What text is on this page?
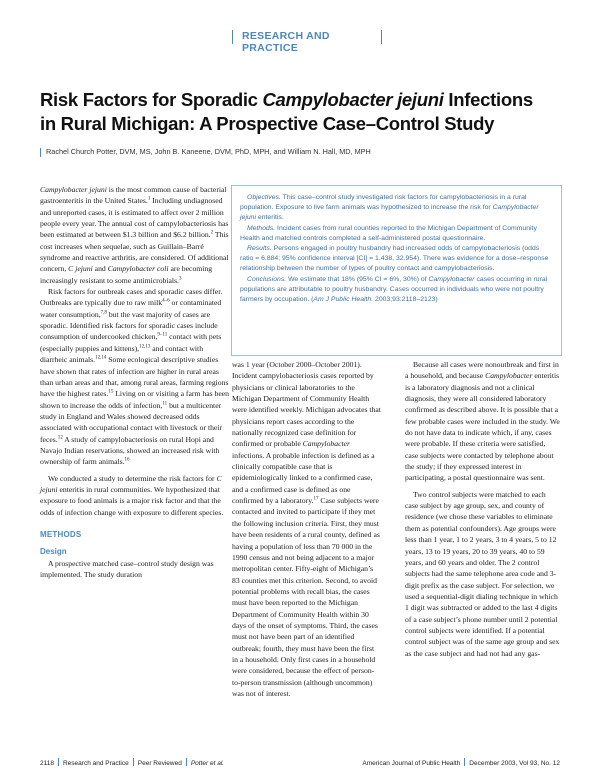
RESEARCH AND PRACTICE
Risk Factors for Sporadic Campylobacter jejuni Infections
in Rural Michigan: A Prospective Case–Control Study
Rachel Church Potter, DVM, MS, John B. Kaneene, DVM, PhD, MPH, and William N. Hall, MD, MPH

Campylobacter jejuni is the most common cause of bacterial gastroenteritis in the United States.$^1$ Including undiagnosed and unreported cases, it is estimated to affect over 2 million people every year. The annual cost of campylobacteriosis has been estimated at between $1.3 billion and $6.2 billion.$^2$ This cost increases when sequelae, such as Guillain–Barré syndrome and reactive arthritis, are considered. Of additional concern, C jejuni and Campylobacter coli are becoming increasingly resistant to some antimicrobials.$^3$

Risk factors for outbreak cases and sporadic cases differ. Outbreaks are typically due to raw milk$^{4-6}$ or contaminated water consumption,$^{7,8}$ but the vast majority of cases are sporadic. Identified risk factors for sporadic cases include consumption of undercooked chicken,$^{9-11}$ contact with pets (especially puppies and kittens),$^{12,13}$ and contact with diarrheic animals.$^{12,14}$ Some ecological descriptive studies have shown that rates of infection are higher in rural areas than urban areas and that, among rural areas, farming regions have the highest rates.$^{15}$ Living on or visiting a farm has been shown to increase the odds of infection,$^{11}$ but a multicenter study in England and Wales showed decreased odds associated with occupational contact with livestock or their feces.$^{12}$ A study of campylobacteriosis on rural Hopi and Navajo Indian reservations, showed an increased risk with ownership of farm animals.$^{16}$

We conducted a study to determine the risk factors for C jejuni enteritis in rural communities. We hypothesized that exposure to food animals is a major risk factor and that the odds of infection change with exposure to different species.

METHODS
Design

A prospective matched case–control study design was implemented. The study duration

Objectives. This case–control study investigated risk factors for campylobacteriosis in a rural population. Exposure to live farm animals was hypothesized to increase the risk for Campylobacter jejuni enteritis.

Methods. Incident cases from rural counties reported to the Michigan Department of Community Health and matched controls completed a self-administered postal questionnaire.

Results. Persons engaged in poultry husbandry had increased odds of campylobacteriosis (odds ratio = 6.884; 95% confidence interval [CI] = 1.438, 32.954). There was evidence for a dose–response relationship between the number of types of poultry contact and campylobacteriosis.

Conclusions. We estimate that 18% (95% CI = 6%, 30%) of Campylobacter cases occurring in rural populations are attributable to poultry husbandry. Cases occurred in individuals who were not poultry farmers by occupation. (Am J Public Health. 2003;93:2118–2123)

was 1 year (October 2000–October 2001). Incident campylobacteriosis cases reported by physicians or clinical laboratories to the Michigan Department of Community Health were identified weekly. Michigan advocates that physicians report cases according to the nationally recognized case definition for confirmed or probable Campylobacter infections. A probable infection is defined as a clinically compatible case that is epidemiologically linked to a confirmed case, and a confirmed case is defined as one confirmed by a laboratory.$^{17}$ Case subjects were contacted and invited to participate if they met the following inclusion criteria. First, they must have been residents of a rural county, defined as having a population of less than 70 000 in the 1990 census and not being adjacent to a major metropolitan center. Fifty-eight of Michigan’s 83 counties met this criterion. Second, to avoid potential problems with recall bias, the cases must have been reported to the Michigan Department of Community Health within 30 days of the onset of symptoms. Third, the cases must not have been part of an identified outbreak; fourth, they must have been the first in a household. Only first cases in a household were considered, because the effect of person-to-person transmission (although uncommon) was not of interest.

Because all cases were nonoutbreak and first in a household, and because Campylobacter enteritis is a laboratory diagnosis and not a clinical diagnosis, they were all considered laboratory confirmed as described above. It is possible that a few probable cases were included in the study. We do not have data to indicate which, if any, cases were probable. If these criteria were satisfied, case subjects were contacted by telephone about the study; if they expressed interest in participating, a postal questionnaire was sent.

Two control subjects were matched to each case subject by age group, sex, and county of residence (we chose these variables to eliminate them as potential confounders). Age groups were less than 1 year, 1 to 2 years, 3 to 4 years, 5 to 12 years, 13 to 19 years, 20 to 39 years, 40 to 59 years, and 60 years and older. The 2 control subjects had the same telephone area code and 3-digit prefix as the case subject. For selection, we used a sequential-digit dialing technique in which 1 digit was subtracted or added to the last 4 digits of a case subject’s phone number until 2 potential control subjects were identified. If a potential control subject was of the same age group and sex as the case subject and had not had any gas-

2118 Research and Practice Peer Reviewed Potter et al.	American Journal of Public Health December 2003, Vol 93, No. 12
